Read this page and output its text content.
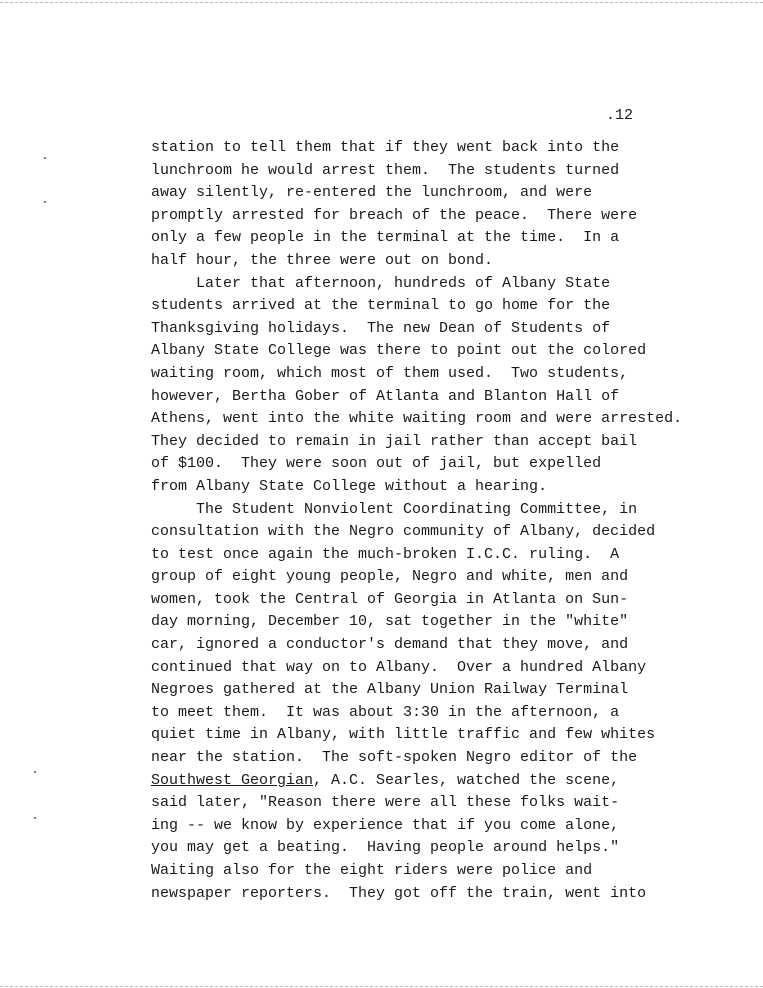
.12
station to tell them that if they went back into the
lunchroom he would arrest them.  The students turned
away silently, re-entered the lunchroom, and were
promptly arrested for breach of the peace.  There were
only a few people in the terminal at the time.  In a
half hour, the three were out on bond.
Later that afternoon, hundreds of Albany State
students arrived at the terminal to go home for the
Thanksgiving holidays.  The new Dean of Students of
Albany State College was there to point out the colored
waiting room, which most of them used.  Two students,
however, Bertha Gober of Atlanta and Blanton Hall of
Athens, went into the white waiting room and were arrested.
They decided to remain in jail rather than accept bail
of $100.  They were soon out of jail, but expelled
from Albany State College without a hearing.
The Student Nonviolent Coordinating Committee, in
consultation with the Negro community of Albany, decided
to test once again the much-broken I.C.C. ruling.  A
group of eight young people, Negro and white, men and
women, took the Central of Georgia in Atlanta on Sun-
day morning, December 10, sat together in the "white"
car, ignored a conductor's demand that they move, and
continued that way on to Albany.  Over a hundred Albany
Negroes gathered at the Albany Union Railway Terminal
to meet them.  It was about 3:30 in the afternoon, a
quiet time in Albany, with little traffic and few whites
near the station.  The soft-spoken Negro editor of the
Southwest Georgian, A.C. Searles, watched the scene,
said later, "Reason there were all these folks wait-
ing -- we know by experience that if you come alone,
you may get a beating.  Having people around helps."
Waiting also for the eight riders were police and
newspaper reporters.  They got off the train, went into
